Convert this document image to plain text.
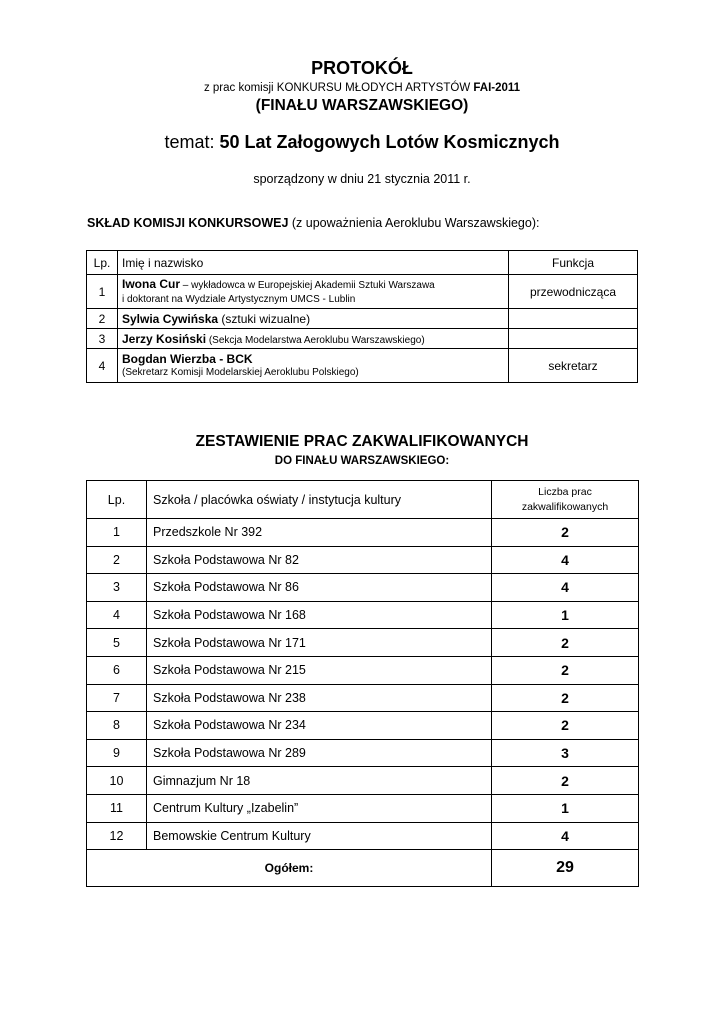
PROTOKÓŁ
z prac komisji KONKURSU MŁODYCH ARTYSTÓW FAI-2011
(FINAŁU WARSZAWSKIEGO)
temat: 50 Lat Załogowych Lotów Kosmicznych
sporządzony w dniu 21 stycznia 2011 r.
SKŁAD KOMISJI KONKURSOWEJ (z upoważnienia Aeroklubu Warszawskiego):
Lp.	Imię i nazwisko	Funkcja
1	Iwona Cur – wykładowca w Europejskiej Akademii Sztuki Warszawa
i doktorant na Wydziale Artystycznym UMCS - Lublin	przewodnicząca
2	Sylwia Cywińska (sztuki wizualne)	
3	Jerzy Kosiński (Sekcja Modelarstwa Aeroklubu Warszawskiego)	
4	Bogdan Wierzba - BCK
(Sekretarz Komisji Modelarskiej Aeroklubu Polskiego)	sekretarz
ZESTAWIENIE PRAC ZAKWALIFIKOWANYCH
DO FINAŁU WARSZAWSKIEGO:
Lp.	Szkoła / placówka oświaty / instytucja kultury	Liczba prac
zakwalifikowanych

1	Przedszkole Nr 392	2
2	Szkoła Podstawowa Nr 82	4
3	Szkoła Podstawowa Nr 86	4
4	Szkoła Podstawowa Nr 168	1
5	Szkoła Podstawowa Nr 171	2
6	Szkoła Podstawowa Nr 215	2
7	Szkoła Podstawowa Nr 238	2
8	Szkoła Podstawowa Nr 234	2
9	Szkoła Podstawowa Nr 289	3
10	Gimnazjum Nr 18	2
11	Centrum Kultury „Izabelin”	1
12	Bemowskie Centrum Kultury	4
Ogółem:		29
